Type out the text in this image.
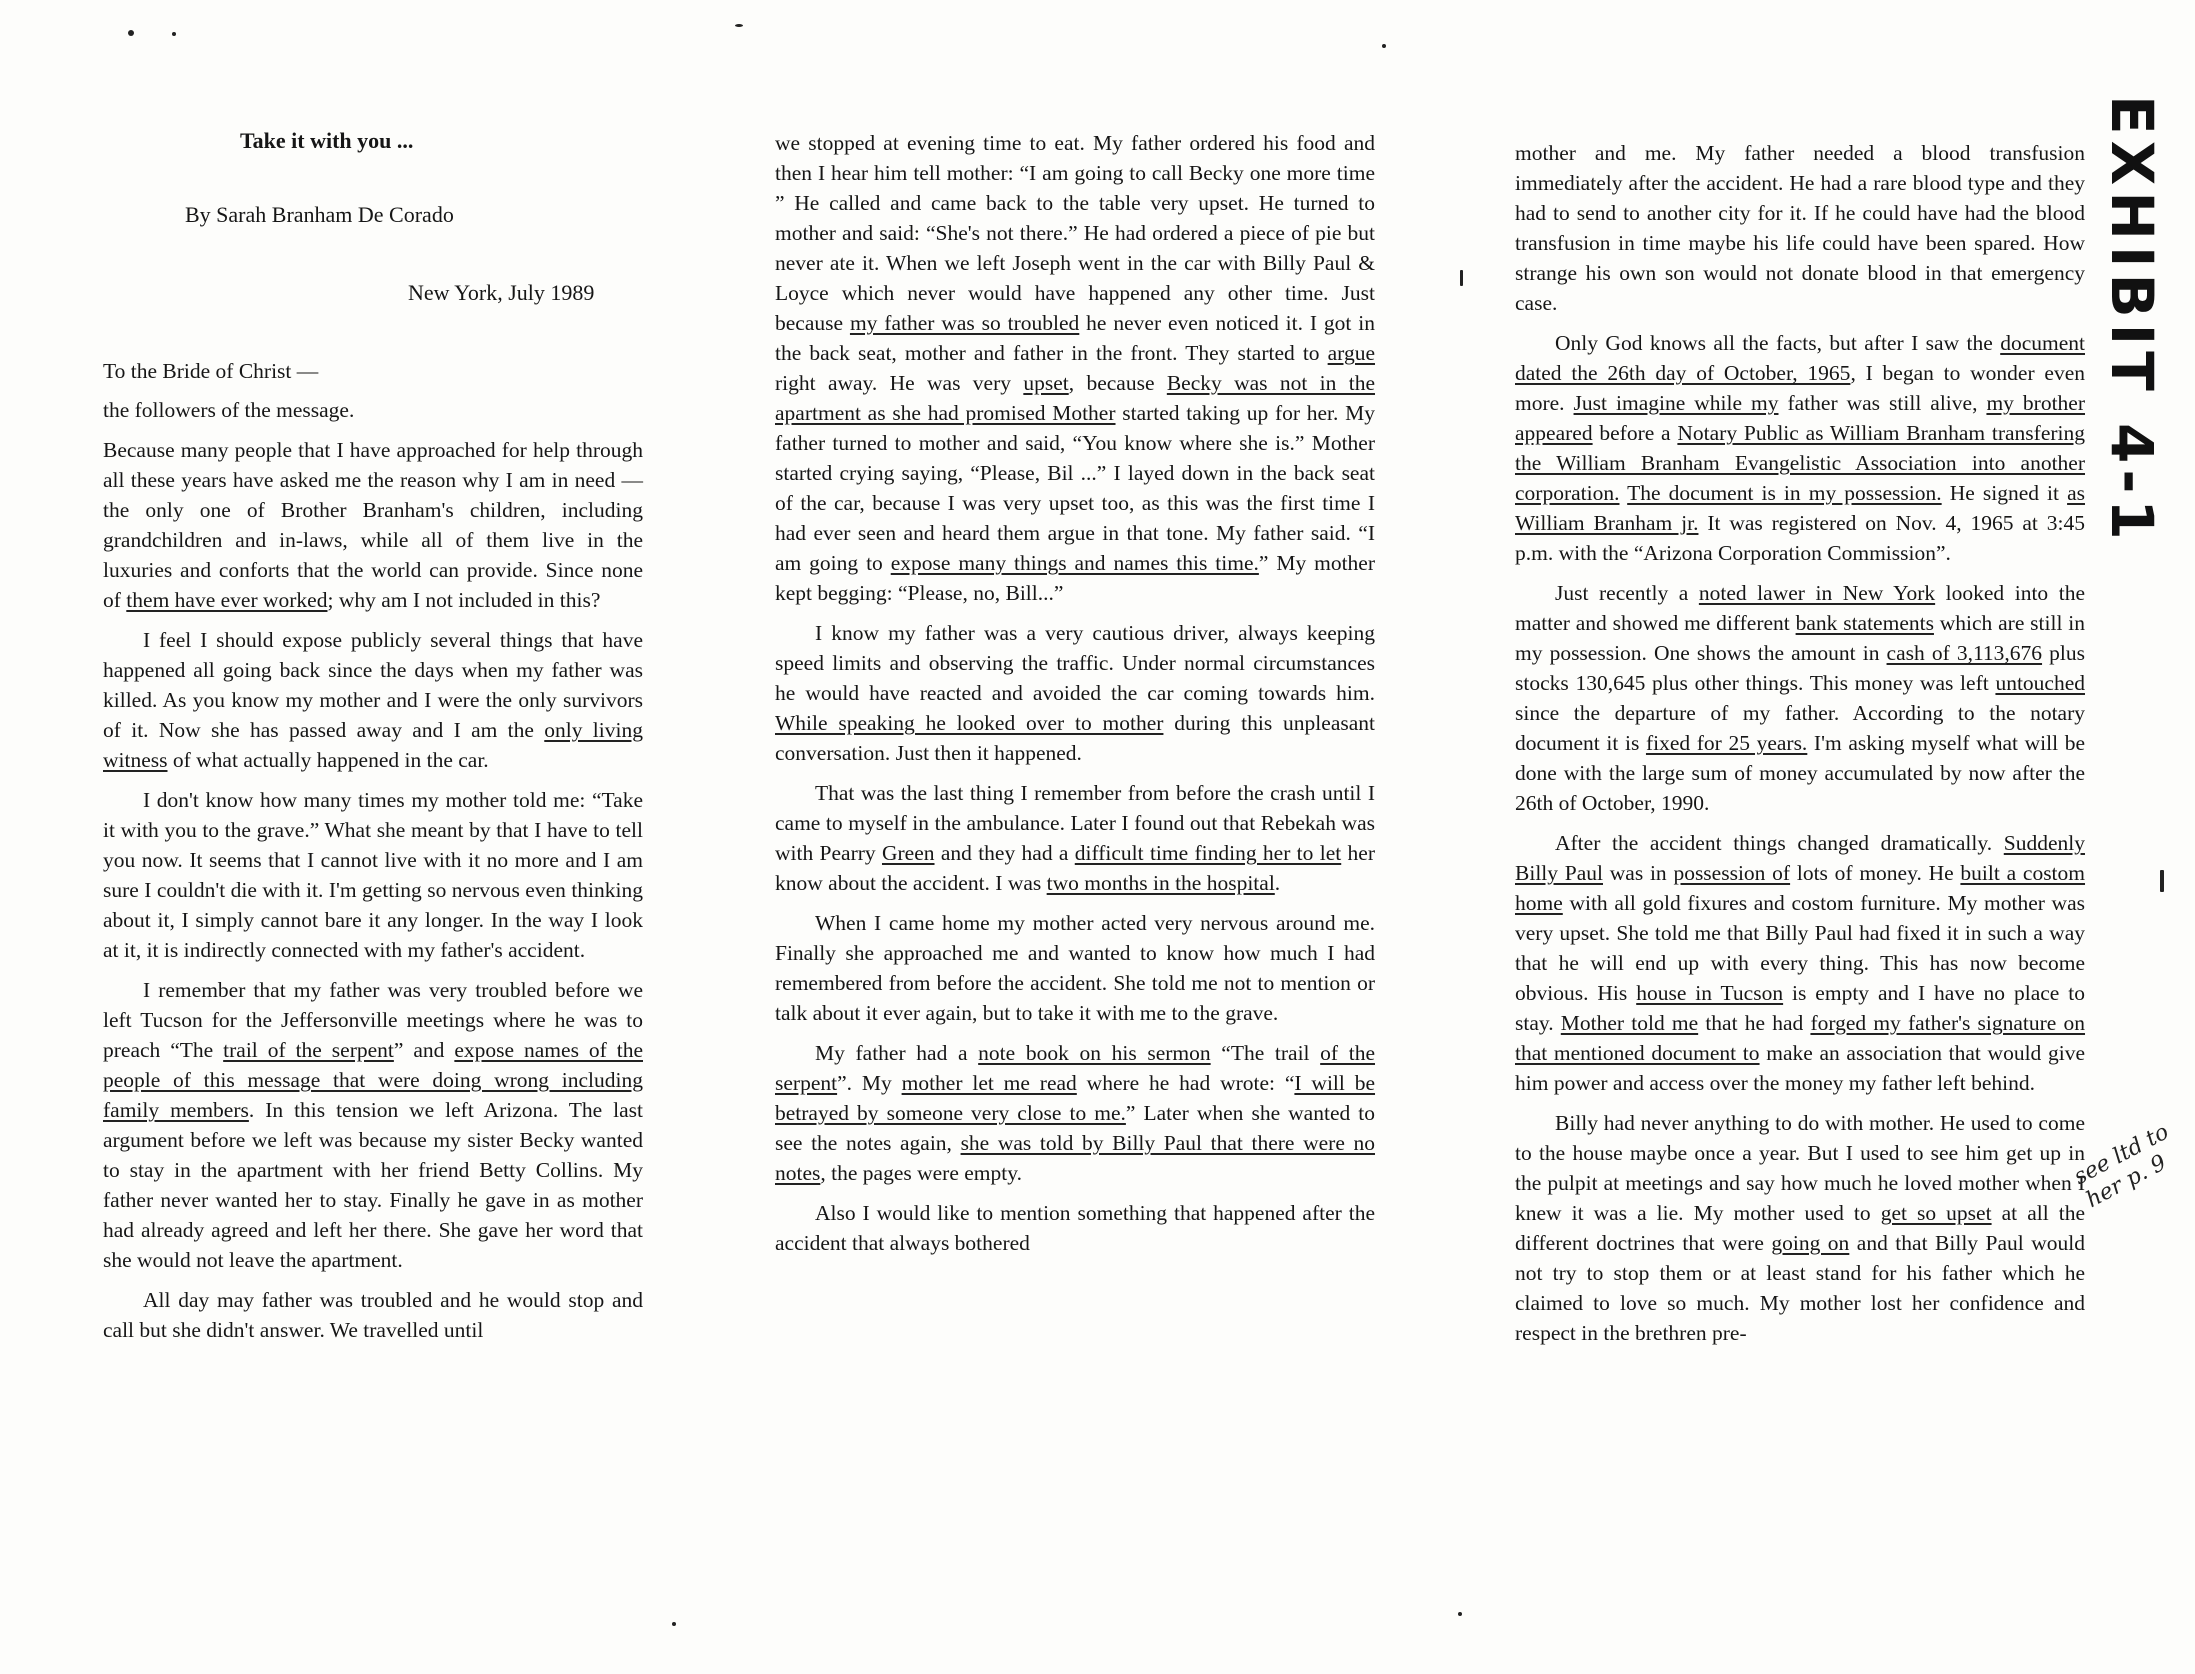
Take it with you ...
By Sarah Branham De Corado
New York, July 1989
To the Bride of Christ —
the followers of the message.

Because many people that I have approached for help through all these years have asked me the reason why I am in need — the only one of Brother Branham's children, including grandchildren and in-laws, while all of them live in the luxuries and conforts that the world can provide. Since none of them have ever worked; why am I not included in this?

I feel I should expose publicly several things that have happened all going back since the days when my father was killed. As you know my mother and I were the only survivors of it. Now she has passed away and I am the only living witness of what actually happened in the car.

I don't know how many times my mother told me: “Take it with you to the grave.” What she meant by that I have to tell you now. It seems that I cannot live with it no more and I am sure I couldn't die with it. I'm getting so nervous even thinking about it, I simply cannot bare it any longer. In the way I look at it, it is indirectly connected with my father's accident.

I remember that my father was very troubled before we left Tucson for the Jeffersonville meetings where he was to preach “The trail of the serpent” and expose names of the people of this message that were doing wrong including family members. In this tension we left Arizona. The last argument before we left was because my sister Becky wanted to stay in the apartment with her friend Betty Collins. My father never wanted her to stay. Finally he gave in as mother had already agreed and left her there. She gave her word that she would not leave the apartment.

All day may father was troubled and he would stop and call but she didn't answer. We travelled until

we stopped at evening time to eat. My father ordered his food and then I hear him tell mother: “I am going to call Becky one more time ” He called and came back to the table very upset. He turned to mother and said: “She's not there.” He had ordered a piece of pie but never ate it. When we left Joseph went in the car with Billy Paul & Loyce which never would have happened any other time. Just because my father was so troubled he never even noticed it. I got in the back seat, mother and father in the front. They started to argue right away. He was very upset, because Becky was not in the apartment as she had promised Mother started taking up for her. My father turned to mother and said, “You know where she is.” Mother started crying saying, “Please, Bil ...” I layed down in the back seat of the car, because I was very upset too, as this was the first time I had ever seen and heard them argue in that tone. My father said. “I am going to expose many things and names this time.” My mother kept begging: “Please, no, Bill...”

I know my father was a very cautious driver, always keeping speed limits and observing the traffic. Under normal circumstances he would have reacted and avoided the car coming towards him. While speaking he looked over to mother during this unpleasant conversation. Just then it happened.

That was the last thing I remember from before the crash until I came to myself in the ambulance. Later I found out that Rebekah was with Pearry Green and they had a difficult time finding her to let her know about the accident. I was two months in the hospital.

When I came home my mother acted very nervous around me. Finally she approached me and wanted to know how much I had remembered from before the accident. She told me not to mention or talk about it ever again, but to take it with me to the grave.

My father had a note book on his sermon “The trail of the serpent”. My mother let me read where he had wrote: “I will be betrayed by someone very close to me.” Later when she wanted to see the notes again, she was told by Billy Paul that there were no notes, the pages were empty.

Also I would like to mention something that happened after the accident that always bothered

mother and me. My father needed a blood transfusion immediately after the accident. He had a rare blood type and they had to send to another city for it. If he could have had the blood transfusion in time maybe his life could have been spared. How strange his own son would not donate blood in that emergency case.

Only God knows all the facts, but after I saw the document dated the 26th day of October, 1965, I began to wonder even more. Just imagine while my father was still alive, my brother appeared before a Notary Public as William Branham transfering the William Branham Evangelistic Association into another corporation. The document is in my possession. He signed it as William Branham jr. It was registered on Nov. 4, 1965 at 3:45 p.m. with the “Arizona Corporation Commission”.

Just recently a noted lawer in New York looked into the matter and showed me different bank statements which are still in my possession. One shows the amount in cash of 3,113,676 plus stocks 130,645 plus other things. This money was left untouched since the departure of my father. According to the notary document it is fixed for 25 years. I'm asking myself what will be done with the large sum of money accumulated by now after the 26th of October, 1990.

After the accident things changed dramatically. Suddenly Billy Paul was in possession of lots of money. He built a costom home with all gold fixures and costom furniture. My mother was very upset. She told me that Billy Paul had fixed it in such a way that he will end up with every thing. This has now become obvious. His house in Tucson is empty and I have no place to stay. Mother told me that he had forged my father's signature on that mentioned document to make an association that would give him power and access over the money my father left behind.

Billy had never anything to do with mother. He used to come to the house maybe once a year. But I used to see him get up in the pulpit at meetings and say how much he loved mother when I knew it was a lie. My mother used to get so upset at all the different doctrines that were going on and that Billy Paul would not try to stop them or at least stand for his father which he claimed to love so much. My mother lost her confidence and respect in the brethren pre-

EXHIBIT 4-1
see ltd to her p. 9
